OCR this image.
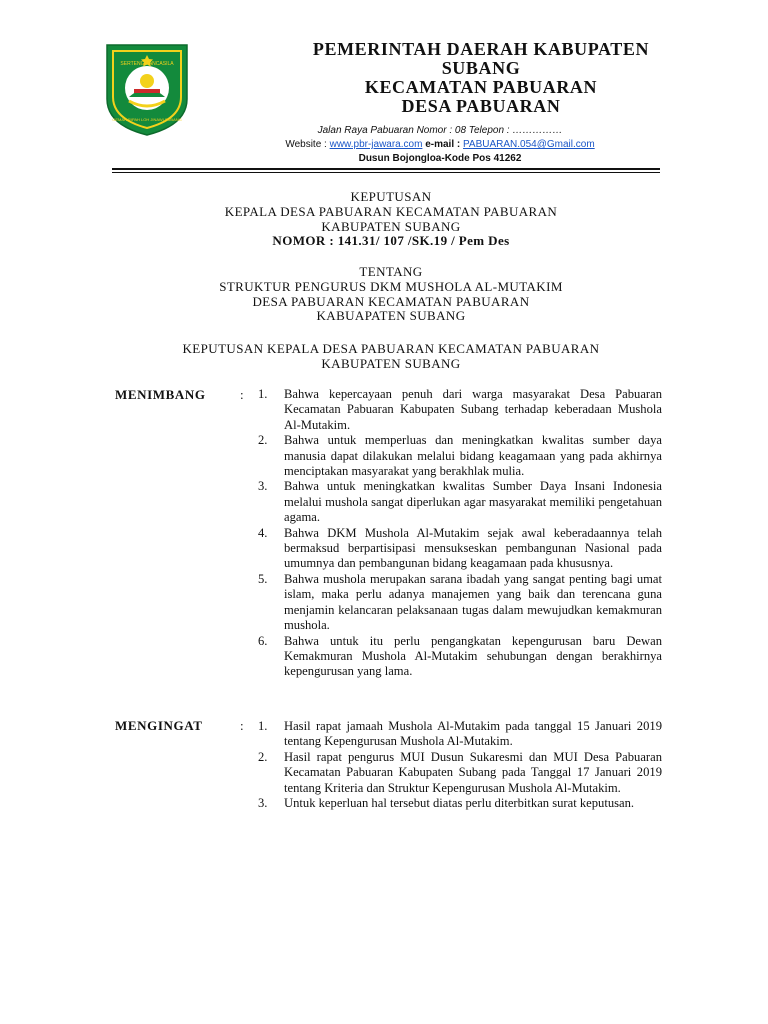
SERTENG PANCASILA
GEMAH RIPAH LOH JINAWI SUBANG
PEMERINTAH DAERAH KABUPATEN
SUBANG
KECAMATAN PABUARAN
DESA PABUARAN
Jalan Raya Pabuaran Nomor : 08 Telepon : ……………
Website : www.pbr-jawara.com e-mail : PABUARAN.054@Gmail.com
Dusun Bojongloa-Kode Pos 41262
KEPUTUSAN
KEPALA DESA PABUARAN KECAMATAN PABUARAN
KABUPATEN SUBANG
NOMOR : 141.31/ 107 /SK.19 / Pem Des
TENTANG
STRUKTUR PENGURUS DKM MUSHOLA AL-MUTAKIM
DESA PABUARAN KECAMATAN PABUARAN
KABUAPATEN SUBANG
KEPUTUSAN KEPALA DESA PABUARAN KECAMATAN PABUARAN
KABUPATEN SUBANG
MENIMBANG	: 1.	Bahwa kepercayaan penuh dari warga masyarakat Desa Pabuaran Kecamatan Pabuaran Kabupaten Subang terhadap keberadaan Mushola Al-Mutakim.
2.	Bahwa untuk memperluas dan meningkatkan kwalitas sumber daya manusia dapat dilakukan melalui bidang keagamaan yang pada akhirnya menciptakan masyarakat yang berakhlak mulia.
3.	Bahwa untuk meningkatkan kwalitas Sumber Daya Insani Indonesia melalui mushola sangat diperlukan agar masyarakat memiliki pengetahuan agama.
4.	Bahwa DKM Mushola Al-Mutakim sejak awal keberadaannya telah bermaksud berpartisipasi mensukseskan pembangunan Nasional pada umumnya dan pembangunan bidang keagamaan pada khususnya.
5.	Bahwa mushola merupakan sarana ibadah yang sangat penting bagi umat islam, maka perlu adanya manajemen yang baik dan terencana guna menjamin kelancaran pelaksanaan tugas dalam mewujudkan kemakmuran mushola.
6.	Bahwa untuk itu perlu pengangkatan kepengurusan baru Dewan Kemakmuran Mushola Al-Mutakim sehubungan dengan berakhirnya kepengurusan yang lama.
MENGINGAT	: 1.	Hasil rapat jamaah Mushola Al-Mutakim pada tanggal 15 Januari 2019 tentang Kepengurusan Mushola Al-Mutakim.
2.	Hasil rapat pengurus MUI Dusun Sukaresmi dan MUI Desa Pabuaran Kecamatan Pabuaran Kabupaten Subang pada Tanggal 17 Januari 2019 tentang Kriteria dan Struktur Kepengurusan Mushola Al-Mutakim.
3.	Untuk keperluan hal tersebut diatas perlu diterbitkan surat keputusan.
